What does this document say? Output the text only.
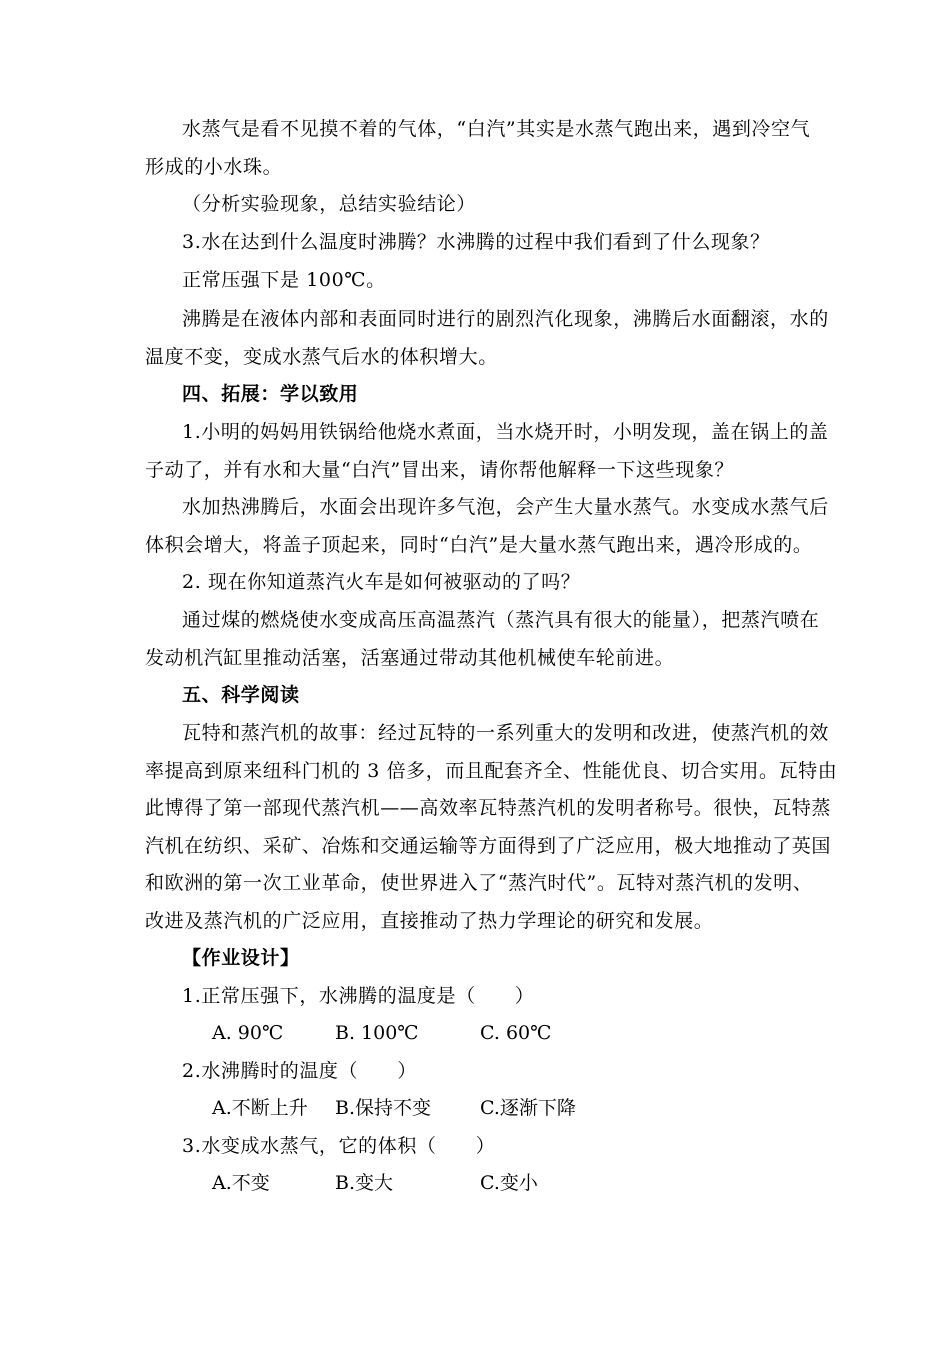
水蒸气是看不见摸不着的气体，“白汽”其实是水蒸气跑出来，遇到冷空气
形成的小水珠。
（分析实验现象，总结实验结论）
3.水在达到什么温度时沸腾？水沸腾的过程中我们看到了什么现象？
正常压强下是 100℃。
沸腾是在液体内部和表面同时进行的剧烈汽化现象，沸腾后水面翻滚，水的
温度不变，变成水蒸气后水的体积增大。
四、拓展：学以致用
1.小明的妈妈用铁锅给他烧水煮面，当水烧开时，小明发现，盖在锅上的盖
子动了，并有水和大量“白汽”冒出来，请你帮他解释一下这些现象？
水加热沸腾后，水面会出现许多气泡，会产生大量水蒸气。水变成水蒸气后
体积会增大，将盖子顶起来，同时“白汽”是大量水蒸气跑出来，遇冷形成的。
2. 现在你知道蒸汽火车是如何被驱动的了吗？
通过煤的燃烧使水变成高压高温蒸汽（蒸汽具有很大的能量），把蒸汽喷在
发动机汽缸里推动活塞，活塞通过带动其他机械使车轮前进。
五、科学阅读
瓦特和蒸汽机的故事：经过瓦特的一系列重大的发明和改进，使蒸汽机的效
率提高到原来纽科门机的 3 倍多，而且配套齐全、性能优良、切合实用。瓦特由
此博得了第一部现代蒸汽机——高效率瓦特蒸汽机的发明者称号。很快，瓦特蒸
汽机在纺织、采矿、冶炼和交通运输等方面得到了广泛应用，极大地推动了英国
和欧洲的第一次工业革命，使世界进入了“蒸汽时代”。瓦特对蒸汽机的发明、
改进及蒸汽机的广泛应用，直接推动了热力学理论的研究和发展。
【作业设计】
1.正常压强下，水沸腾的温度是（　　）
A. 90℃	B. 100℃	C. 60℃
2.水沸腾时的温度（　　）
A.不断上升 B.保持不变	C.逐渐下降
3.水变成水蒸气，它的体积（　　）
A.不变	B.变大	C.变小
